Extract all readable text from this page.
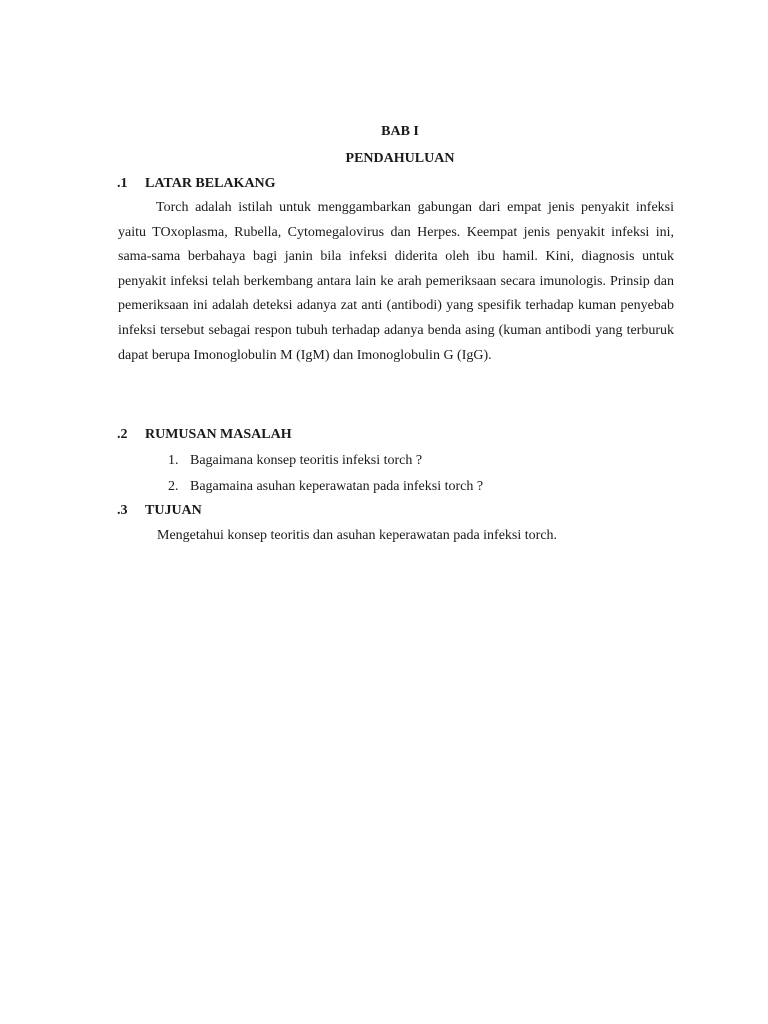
BAB I
PENDAHULUAN
.1 LATAR BELAKANG
Torch adalah istilah untuk menggambarkan gabungan dari empat jenis penyakit infeksi yaitu TOxoplasma, Rubella, Cytomegalovirus dan Herpes. Keempat jenis penyakit infeksi ini, sama-sama berbahaya bagi janin bila infeksi diderita oleh ibu hamil. Kini, diagnosis untuk penyakit infeksi telah berkembang antara lain ke arah pemeriksaan secara imunologis. Prinsip dan pemeriksaan ini adalah deteksi adanya zat anti (antibodi) yang spesifik terhadap kuman penyebab infeksi tersebut sebagai respon tubuh terhadap adanya benda asing (kuman antibodi yang terburuk dapat berupa Imonoglobulin M (IgM) dan Imonoglobulin G (IgG).
.2 RUMUSAN MASALAH
1. Bagaimana konsep teoritis infeksi torch ?
2. Bagamaina asuhan keperawatan pada infeksi torch ?
.3 TUJUAN
Mengetahui konsep teoritis dan asuhan keperawatan pada infeksi torch.
